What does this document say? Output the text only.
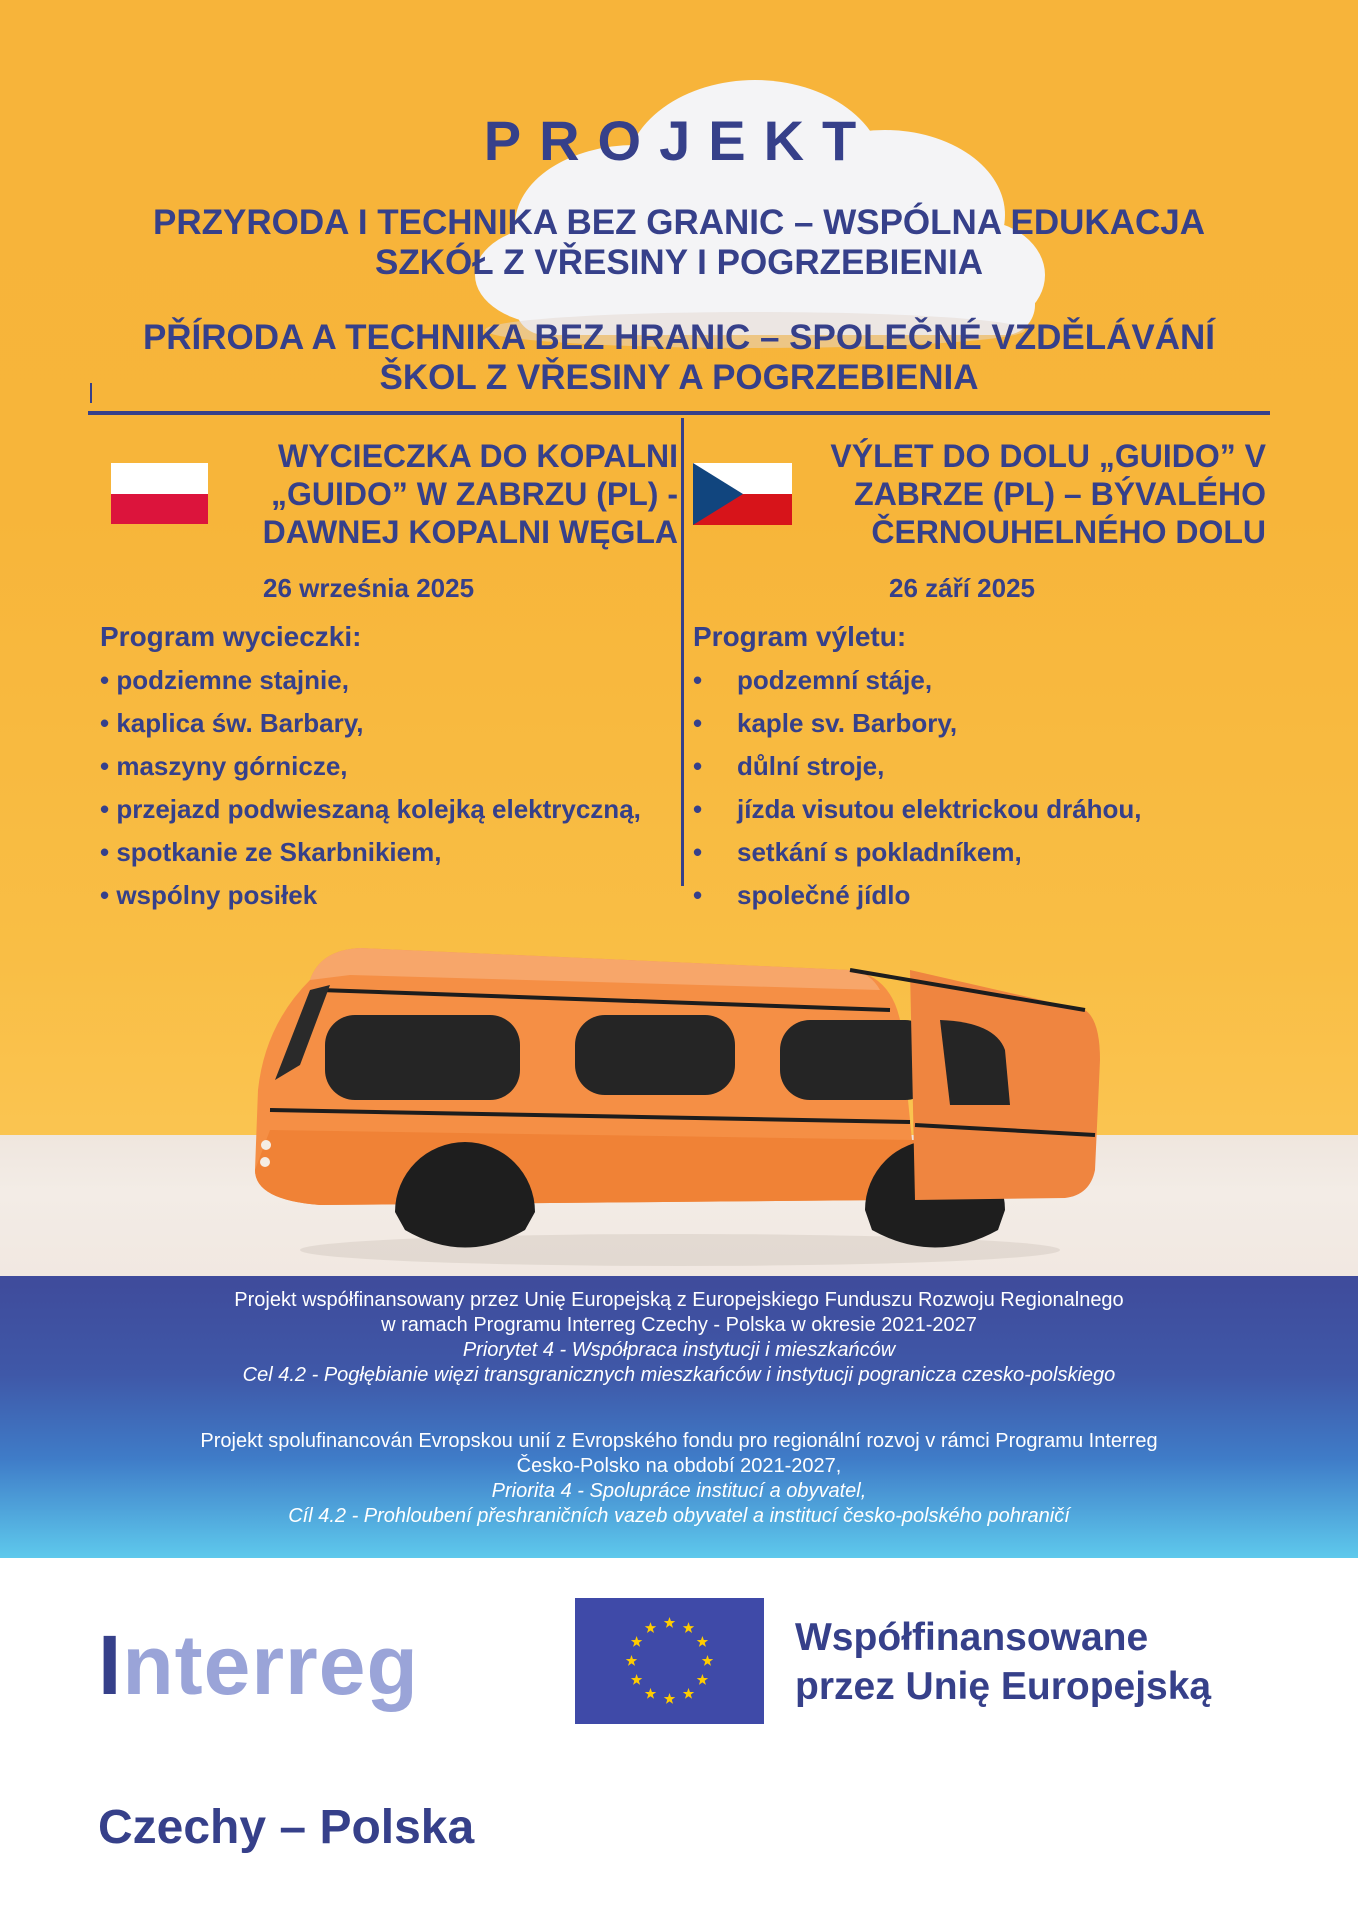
PROJEKT
PRZYRODA I TECHNIKA BEZ GRANIC – WSPÓLNA EDUKACJA
SZKÓŁ Z VŘESINY I POGRZEBIENIA
PŘÍRODA A TECHNIKA BEZ HRANIC – SPOLEČNÉ VZDĚLÁVÁNÍ
ŠKOL Z VŘESINY A POGRZEBIENIA
WYCIECZKA DO KOPALNI
„GUIDO” W ZABRZU (PL) -
DAWNEJ KOPALNI WĘGLA
VÝLET DO DOLU „GUIDO” V
ZABRZE (PL) – BÝVALÉHO
ČERNOUHELNÉHO DOLU
26 września 2025	26 září 2025
Program wycieczki:
• podziemne stajnie,
• kaplica św. Barbary,
• maszyny górnicze,
• przejazd podwieszaną kolejką elektryczną,
• spotkanie ze Skarbnikiem,
• wspólny posiłek
Program výletu:
• podzemní stáje,
• kaple sv. Barbory,
• důlní stroje,
• jízda visutou elektrickou dráhou,
• setkání s pokladníkem,
• společné jídlo
Projekt współfinansowany przez Unię Europejską z Europejskiego Funduszu Rozwoju Regionalnego
w ramach Programu Interreg Czechy - Polska w okresie 2021-2027
Priorytet 4 - Współpraca instytucji i mieszkańców
Cel 4.2 - Pogłębianie więzi transgranicznych mieszkańców i instytucji pogranicza czesko-polskiego
Projekt spolufinancován Evropskou unií z Evropského fondu pro regionální rozvoj v rámci Programu Interreg
Česko-Polsko na období 2021-2027,
Priorita 4 - Spolupráce institucí a obyvatel,
Cíl 4.2 - Prohloubení přeshraničních vazeb obyvatel a institucí česko-polského pohraničí
Interreg	Współfinansowane
przez Unię Europejską
Czechy – Polska
